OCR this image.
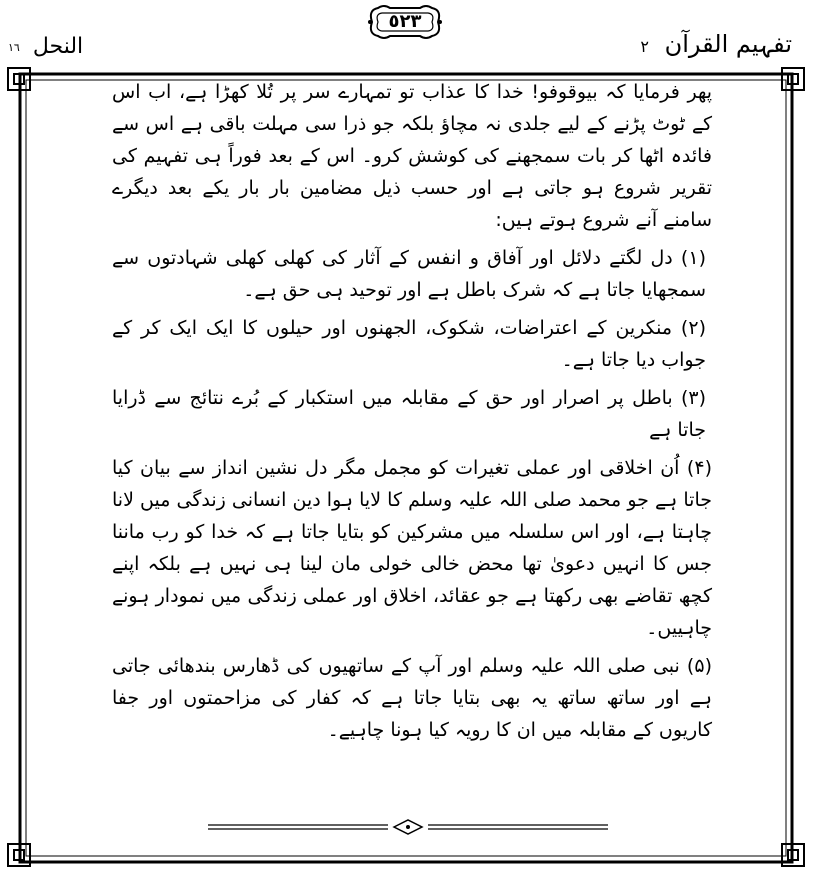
النحل ١٦
٥٢٣
تفہیم القرآن ٢

پھر فرمایا کہ بیوقوفو! خدا کا عذاب تو تمہارے سر پر تُلا کھڑا ہے، اب اس کے ٹوٹ پڑنے کے لیے جلدی نہ مچاؤ بلکہ جو ذرا سی مہلت باقی ہے اس سے فائدہ اٹھا کر بات سمجھنے کی کوشش کرو۔ اس کے بعد فوراً ہی تفہیم کی تقریر شروع ہو جاتی ہے اور حسب ذیل مضامین بار بار یکے بعد دیگرے سامنے آنے شروع ہوتے ہیں:

(۱) دل لگتے دلائل اور آفاق و انفس کے آثار کی کھلی کھلی شہادتوں سے سمجھایا جاتا ہے کہ شرک باطل ہے اور توحید ہی حق ہے۔

(۲) منکرین کے اعتراضات، شکوک، الجھنوں اور حیلوں کا ایک ایک کر کے جواب دیا جاتا ہے۔

(۳) باطل پر اصرار اور حق کے مقابلہ میں استکبار کے بُرے نتائج سے ڈرایا جاتا ہے

(۴) اُن اخلاقی اور عملی تغیرات کو مجمل مگر دل نشین انداز سے بیان کیا جاتا ہے جو محمد صلی اللہ علیہ وسلم کا لایا ہوا دین انسانی زندگی میں لانا چاہتا ہے، اور اس سلسلہ میں مشرکین کو بتایا جاتا ہے کہ خدا کو رب ماننا جس کا انہیں دعویٰ تھا محض خالی خولی مان لینا ہی نہیں ہے بلکہ اپنے کچھ تقاضے بھی رکھتا ہے جو عقائد، اخلاق اور عملی زندگی میں نمودار ہونے چاہییں۔

(۵) نبی صلی اللہ علیہ وسلم اور آپ کے ساتھیوں کی ڈھارس بندھائی جاتی ہے اور ساتھ ساتھ یہ بھی بتایا جاتا ہے کہ کفار کی مزاحمتوں اور جفا کاریوں کے مقابلہ میں ان کا رویہ کیا ہونا چاہیے۔
